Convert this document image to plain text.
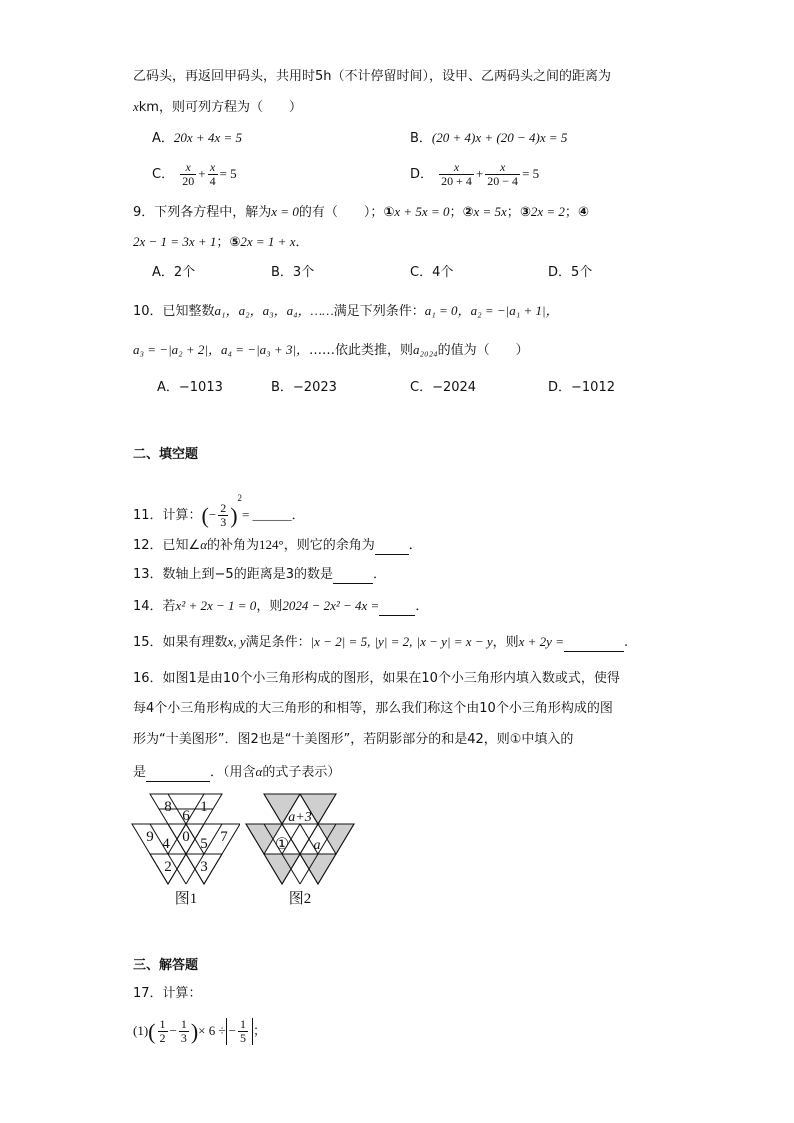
乙码头，再返回甲码头，共用时5h（不计停留时间），设甲、乙两码头之间的距离为
xkm，则可列方程为（　　）
A．20x + 4x = 5	B．(20 + 4)x + (20 − 4)x = 5
C． $\frac{x}{20} + \frac{x}{4} = 5$	D． $\frac{x}{20 + 4} + \frac{x}{20 - 4} = 5$
9．下列各方程中，解为x = 0的有（　　）；①x + 5x = 0；②x = 5x；③2x = 2；④
2x − 1 = 3x + 1；⑤2x = 1 + x．
A．2个	B．3个	C．4个	D．5个
10．已知整数a₁，a₂，a₃，a₄，……满足下列条件：a₁ = 0，a₂ = −|a₁ + 1|，
a₃ = −|a₂ + 2|，a₄ = −|a₃ + 3|，……依此类推，则a₂₀₂₄的值为（　　）
A．−1013	B．−2023	C．−2024	D．−1012
二、填空题
11．计算：(− $\frac{2}{3} )^2=$ ______．
12．已知∠α的补角为124°，则它的余角为	．
13．数轴上到−5的距离是3的数是	．
14．若x² + 2x − 1 = 0，则2024 − 2x² − 4x =	．
15．如果有理数x, y满足条件：|x − 2| = 5, |y| = 2, |x − y| = x − y，则x + 2y =	.
16．如图1是由10个小三角形构成的图形，如果在10个小三角形内填入数或式，使得
每4个小三角形构成的大三角形的和相等，那么我们称这个由10个小三角形构成的图
形为“十美图形”．图2也是“十美图形”，若阴影部分的和是42，则①中填入的
是	．（用含α的式子表示）
8
6
1
9 4 0 5 7
2 3
图1
a+3
① a
图2
三、解答题
17．计算：
$(1)( \frac{1}{2} - \frac{1}{3}$ )× 6 ÷ − $\frac{1}{5}$ ；
